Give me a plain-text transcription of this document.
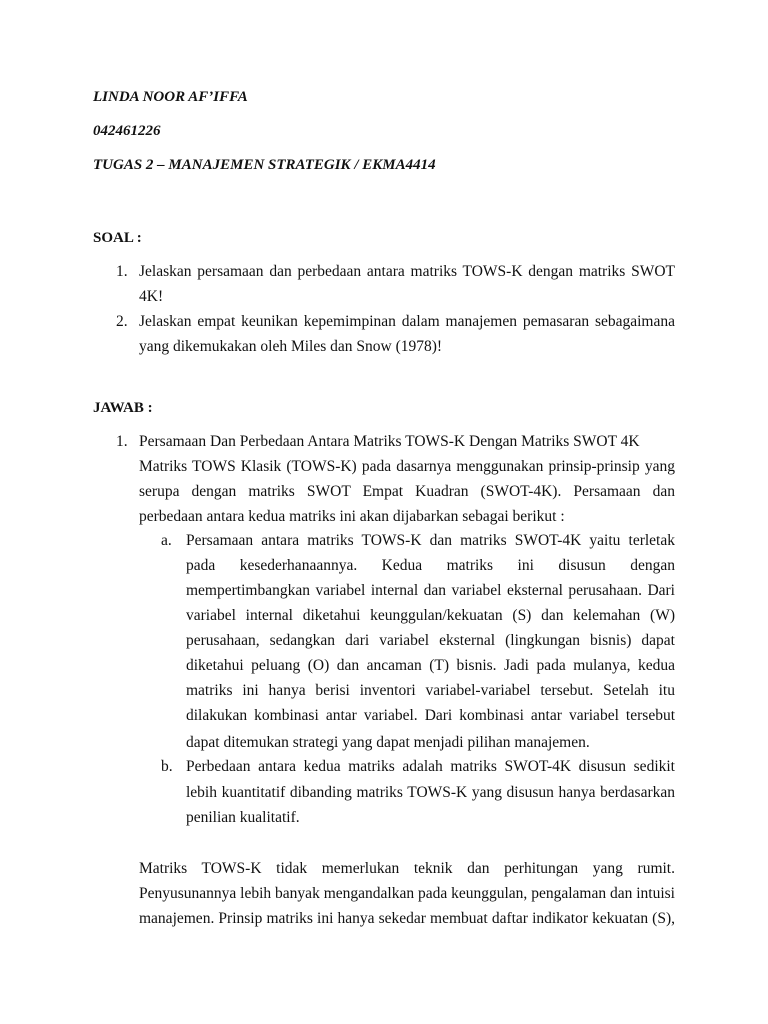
LINDA NOOR AF’IFFA
042461226
TUGAS 2 – MANAJEMEN STRATEGIK / EKMA4414
SOAL :
1. Jelaskan persamaan dan perbedaan antara matriks TOWS-K dengan matriks SWOT
4K!
2. Jelaskan empat keunikan kepemimpinan dalam manajemen pemasaran sebagaimana
yang dikemukakan oleh Miles dan Snow (1978)!
JAWAB :
1. Persamaan Dan Perbedaan Antara Matriks TOWS-K Dengan Matriks SWOT 4K
Matriks TOWS Klasik (TOWS-K) pada dasarnya menggunakan prinsip-prinsip yang
serupa dengan matriks SWOT Empat Kuadran (SWOT-4K). Persamaan dan
perbedaan antara kedua matriks ini akan dijabarkan sebagai berikut :
a. Persamaan antara matriks TOWS-K dan matriks SWOT-4K yaitu terletak
pada kesederhanaannya. Kedua matriks ini disusun dengan
mempertimbangkan variabel internal dan variabel eksternal perusahaan. Dari
variabel internal diketahui keunggulan/kekuatan (S) dan kelemahan (W)
perusahaan, sedangkan dari variabel eksternal (lingkungan bisnis) dapat
diketahui peluang (O) dan ancaman (T) bisnis. Jadi pada mulanya, kedua
matriks ini hanya berisi inventori variabel-variabel tersebut. Setelah itu
dilakukan kombinasi antar variabel. Dari kombinasi antar variabel tersebut
dapat ditemukan strategi yang dapat menjadi pilihan manajemen.
b. Perbedaan antara kedua matriks adalah matriks SWOT-4K disusun sedikit
lebih kuantitatif dibanding matriks TOWS-K yang disusun hanya berdasarkan
penilian kualitatif.
Matriks TOWS-K tidak memerlukan teknik dan perhitungan yang rumit.
Penyusunannya lebih banyak mengandalkan pada keunggulan, pengalaman dan intuisi
manajemen. Prinsip matriks ini hanya sekedar membuat daftar indikator kekuatan (S),
